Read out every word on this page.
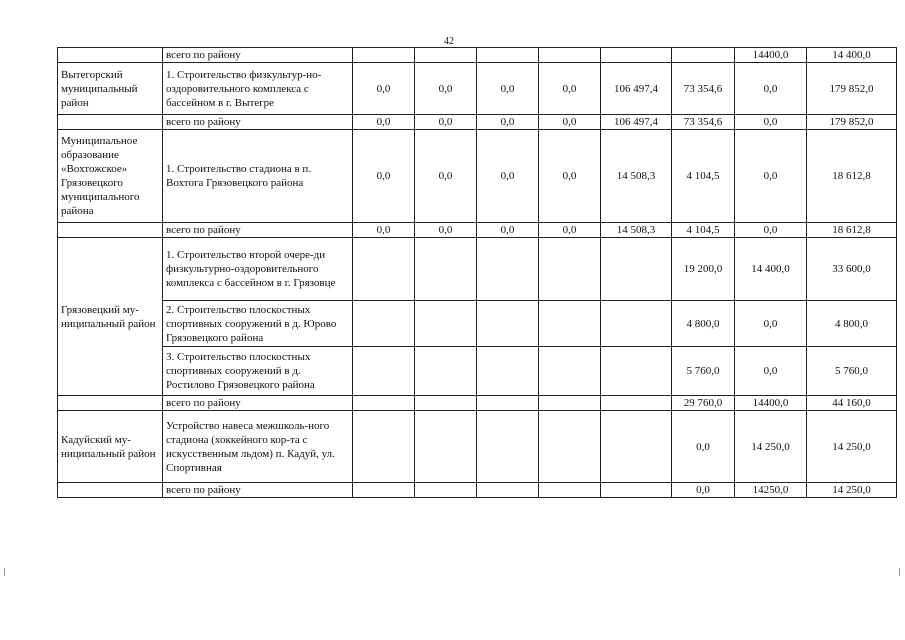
42
	всего по району							14400,0	14 400,0
Вытегорский муниципальный район	1. Строительство физкультур-но-оздоровительного комплекса с бассейном в г. Вытегре	0,0	0,0	0,0	0,0	106 497,4	73 354,6	0,0	179 852,0
	всего по району	0,0	0,0	0,0	0,0	106 497,4	73 354,6	0,0	179 852,0
Муниципальное образование «Вохтожское» Грязовецкого муниципального района	1. Строительство стадиона в п. Вохтога Грязовецкого района	0,0	0,0	0,0	0,0	14 508,3	4 104,5	0,0	18 612,8
	всего по району	0,0	0,0	0,0	0,0	14 508,3	4 104,5	0,0	18 612,8
Грязовецкий му-ниципальный район	1. Строительство второй очере-ди физкультурно-оздоровительного комплекса с бассейном в г. Грязовце						19 200,0	14 400,0	33 600,0
	2. Строительство плоскостных спортивных сооружений в д. Юрово Грязовецкого района						4 800,0	0,0	4 800,0
	3. Строительство плоскостных спортивных сооружений в д. Ростилово Грязовецкого района						5 760,0	0,0	5 760,0
	всего по району						29 760,0	14400,0	44 160,0
Кадуйский му-ниципальный район	Устройство навеса межшколь-ного стадиона (хоккейного кор-та с искусственным льдом) п. Кадуй, ул. Спортивная						0,0	14 250,0	14 250,0
	всего по району						0,0	14250,0	14 250,0
